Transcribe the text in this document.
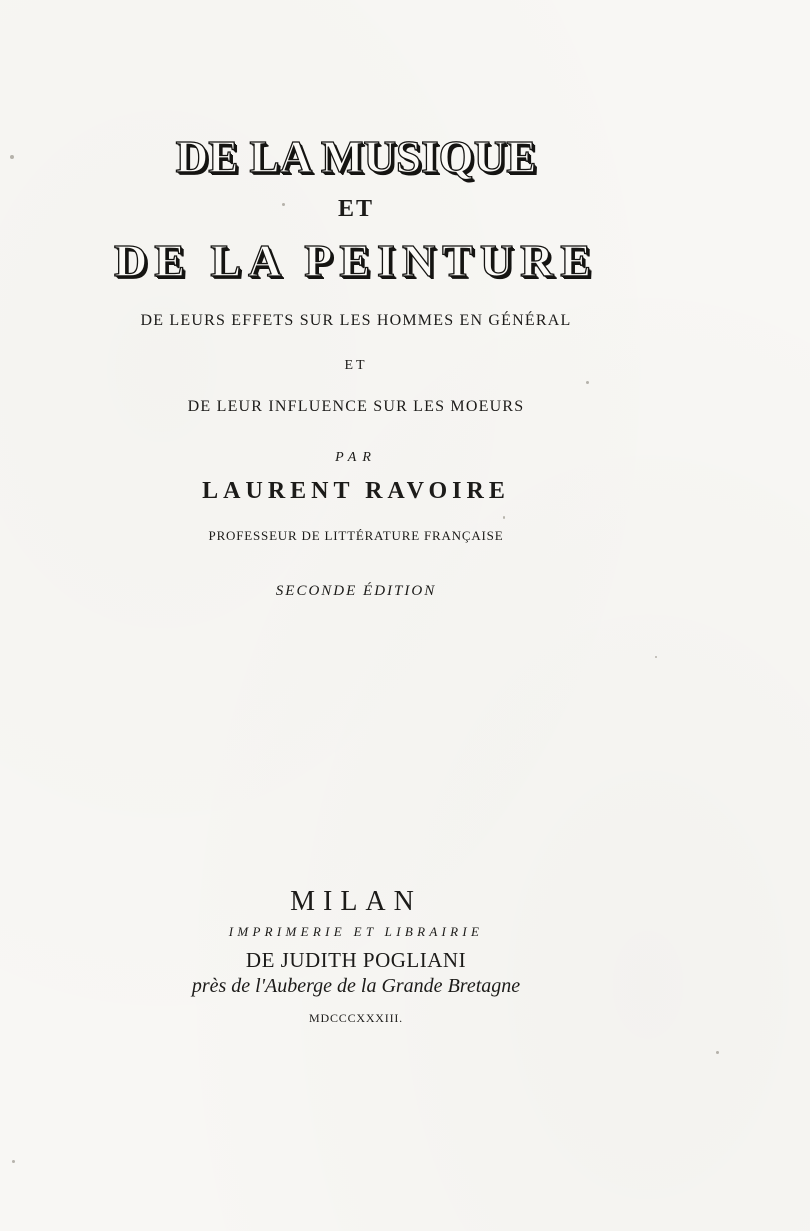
DE LA MUSIQUE
ET
DE LA PEINTURE
DE LEURS EFFETS SUR LES HOMMES EN GÉNÉRAL
ET
DE LEUR INFLUENCE SUR LES MOEURS
PAR
LAURENT RAVOIRE
PROFESSEUR DE LITTÉRATURE FRANÇAISE
SECONDE ÉDITION
MILAN
IMPRIMERIE ET LIBRAIRIE
DE JUDITH POGLIANI
près de l'Auberge de la Grande Bretagne
MDCCCXXXIII.
